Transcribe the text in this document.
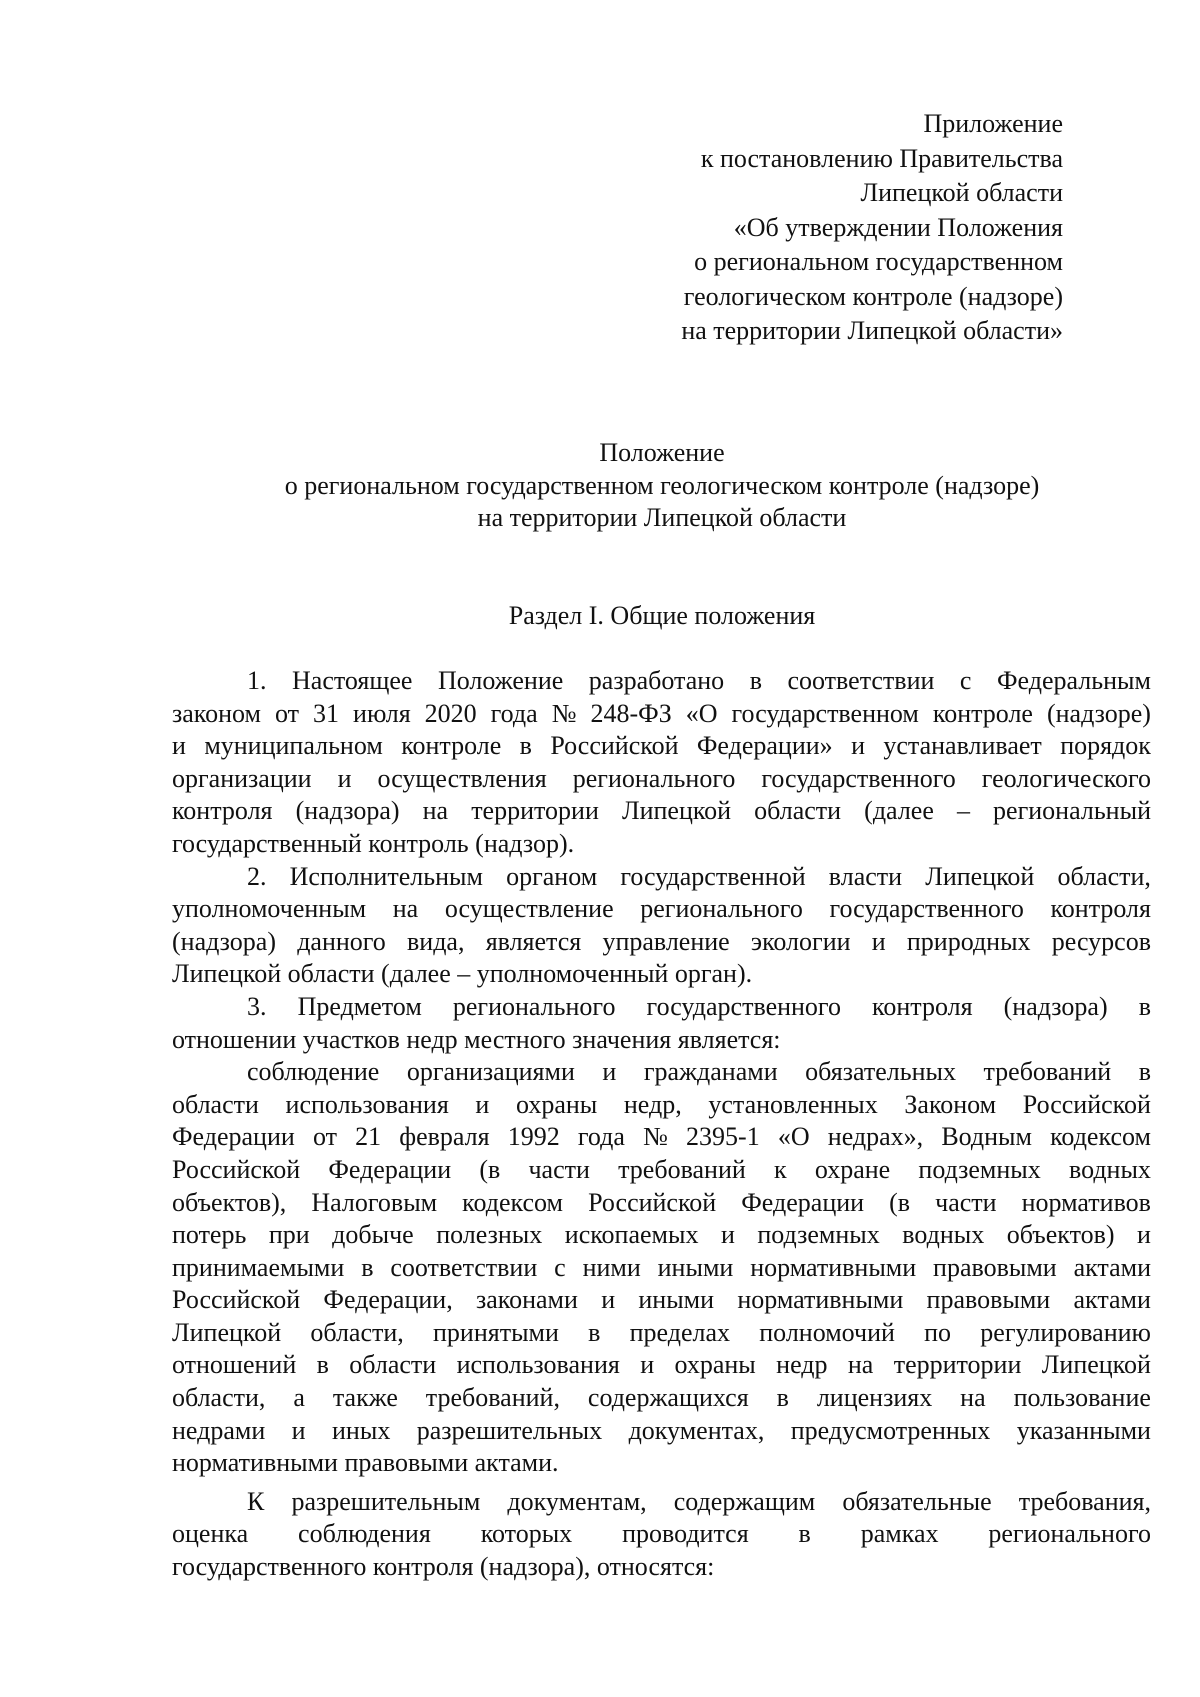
Приложение
к постановлению Правительства
Липецкой области
«Об утверждении Положения
о региональном государственном
геологическом контроле (надзоре)
на территории Липецкой области»
Положение
о региональном государственном геологическом контроле (надзоре)
на территории Липецкой области
Раздел I. Общие положения
1. Настоящее Положение разработано в соответствии с Федеральным
законом от 31 июля 2020 года № 248-ФЗ «О государственном контроле (надзоре)
и муниципальном контроле в Российской Федерации» и устанавливает порядок
организации и осуществления регионального государственного геологического
контроля (надзора) на территории Липецкой области (далее – региональный
государственный контроль (надзор).
2. Исполнительным органом государственной власти Липецкой области,
уполномоченным на осуществление регионального государственного контроля
(надзора) данного вида, является управление экологии и природных ресурсов
Липецкой области (далее – уполномоченный орган).
3. Предметом регионального государственного контроля (надзора) в
отношении участков недр местного значения является:
соблюдение организациями и гражданами обязательных требований в
области использования и охраны недр, установленных Законом Российской
Федерации от 21 февраля 1992 года № 2395-1 «О недрах», Водным кодексом
Российской Федерации (в части требований к охране подземных водных
объектов), Налоговым кодексом Российской Федерации (в части нормативов
потерь при добыче полезных ископаемых и подземных водных объектов) и
принимаемыми в соответствии с ними иными нормативными правовыми актами
Российской Федерации, законами и иными нормативными правовыми актами
Липецкой области, принятыми в пределах полномочий по регулированию
отношений в области использования и охраны недр на территории Липецкой
области, а также требований, содержащихся в лицензиях на пользование
недрами и иных разрешительных документах, предусмотренных указанными
нормативными правовыми актами.
К разрешительным документам, содержащим обязательные требования,
оценка соблюдения которых проводится в рамках регионального
государственного контроля (надзора), относятся:
